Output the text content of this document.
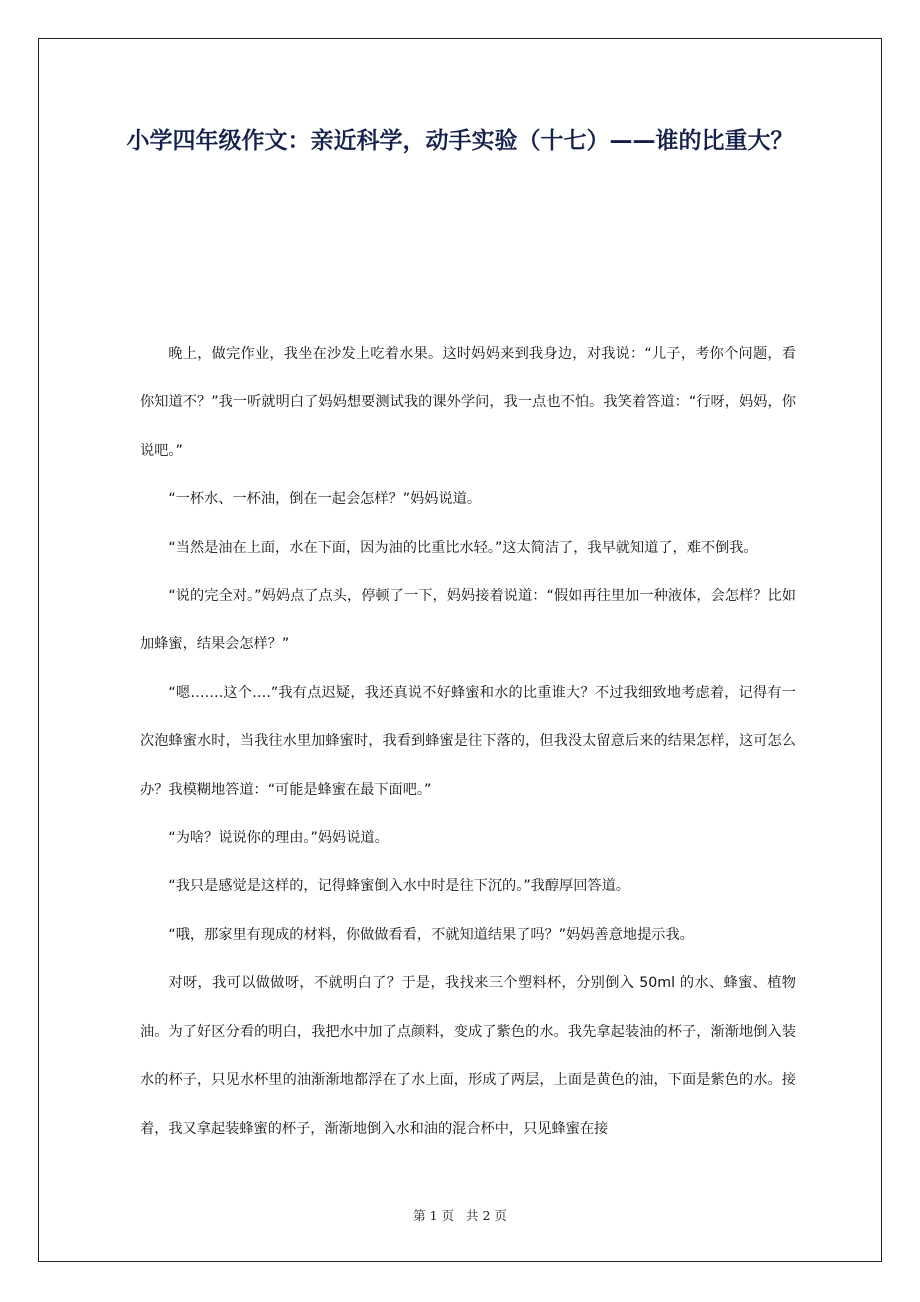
小学四年级作文：亲近科学，动手实验（十七）——谁的比重大？

晚上，做完作业，我坐在沙发上吃着水果。这时妈妈来到我身边，对我说：“儿子，考你个问题，看你知道不？”我一听就明白了妈妈想要测试我的课外学问，我一点也不怕。我笑着答道：“行呀，妈妈，你说吧。”

“一杯水、一杯油，倒在一起会怎样？”妈妈说道。

“当然是油在上面，水在下面，因为油的比重比水轻。”这太简洁了，我早就知道了，难不倒我。

“说的完全对。”妈妈点了点头，停顿了一下，妈妈接着说道：“假如再往里加一种液体，会怎样？比如加蜂蜜，结果会怎样？”

“嗯…….这个….”我有点迟疑，我还真说不好蜂蜜和水的比重谁大？不过我细致地考虑着，记得有一次泡蜂蜜水时，当我往水里加蜂蜜时，我看到蜂蜜是往下落的，但我没太留意后来的结果怎样，这可怎么办？我模糊地答道：“可能是蜂蜜在最下面吧。”

“为啥？说说你的理由。”妈妈说道。

“我只是感觉是这样的，记得蜂蜜倒入水中时是往下沉的。”我醇厚回答道。

“哦，那家里有现成的材料，你做做看看，不就知道结果了吗？”妈妈善意地提示我。

对呀，我可以做做呀，不就明白了？于是，我找来三个塑料杯，分别倒入 50ml 的水、蜂蜜、植物油。为了好区分看的明白，我把水中加了点颜料，变成了紫色的水。我先拿起装油的杯子，渐渐地倒入装水的杯子，只见水杯里的油渐渐地都浮在了水上面，形成了两层，上面是黄色的油，下面是紫色的水。接着，我又拿起装蜂蜜的杯子，渐渐地倒入水和油的混合杯中，只见蜂蜜在接

第 1 页 共 2 页
